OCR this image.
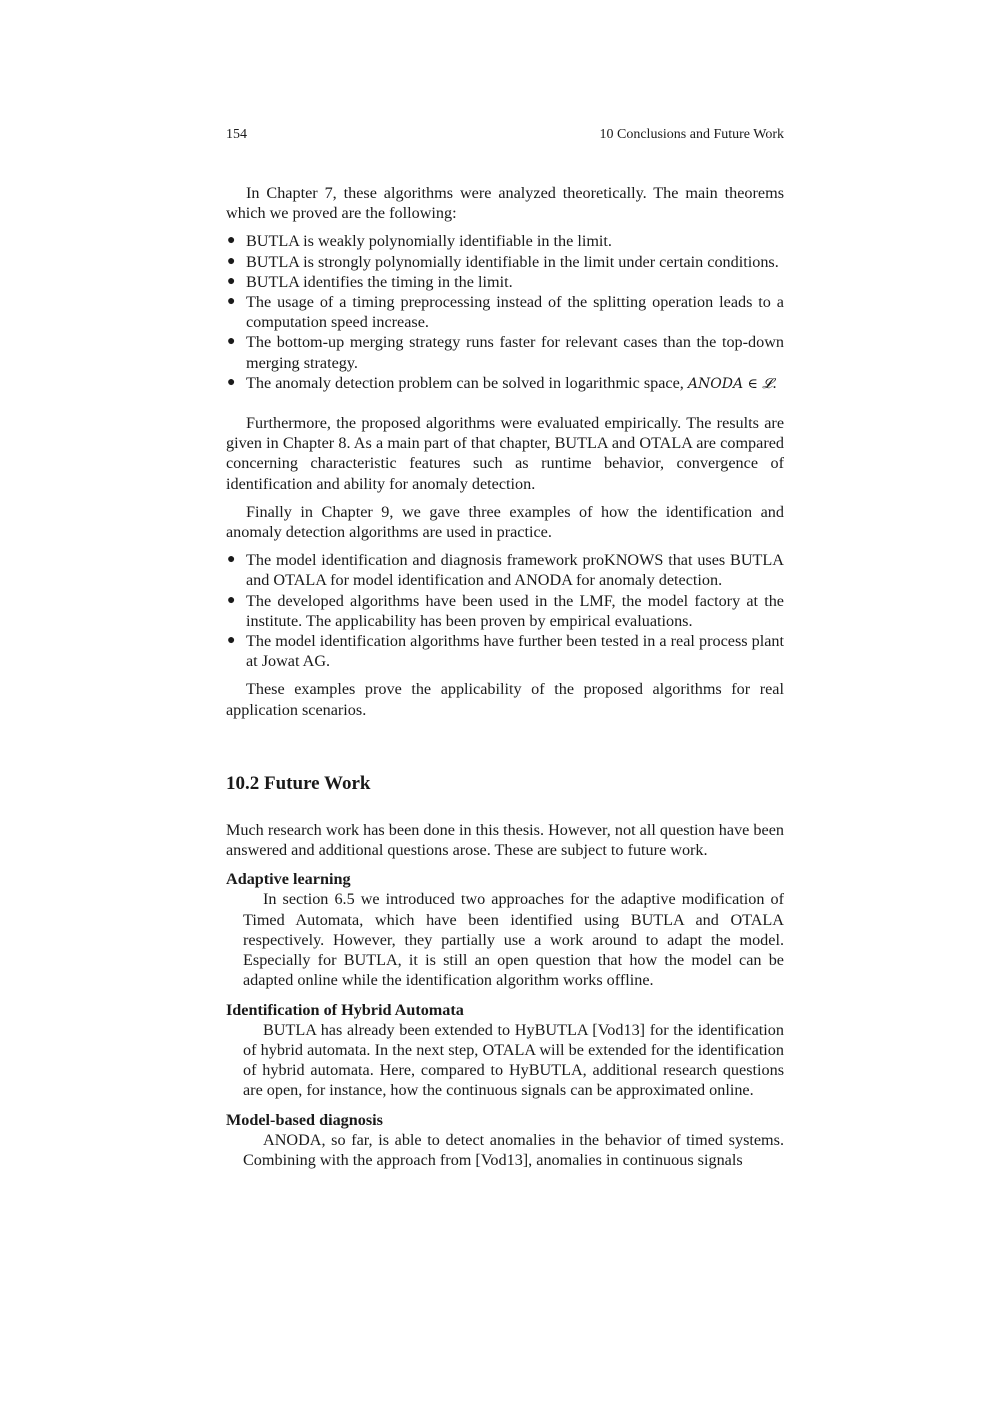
154	10 Conclusions and Future Work

In Chapter 7, these algorithms were analyzed theoretically. The main theorems which we proved are the following:

● BUTLA is weakly polynomially identifiable in the limit.
● BUTLA is strongly polynomially identifiable in the limit under certain conditions.
● BUTLA identifies the timing in the limit.
● The usage of a timing preprocessing instead of the splitting operation leads to a computation speed increase.
● The bottom-up merging strategy runs faster for relevant cases than the top-down merging strategy.
● The anomaly detection problem can be solved in logarithmic space, ANODA ∈ 𝓛.

Furthermore, the proposed algorithms were evaluated empirically. The results are given in Chapter 8. As a main part of that chapter, BUTLA and OTALA are compared concerning characteristic features such as runtime behavior, convergence of identification and ability for anomaly detection.

Finally in Chapter 9, we gave three examples of how the identification and anomaly detection algorithms are used in practice.

● The model identification and diagnosis framework proKNOWS that uses BUTLA and OTALA for model identification and ANODA for anomaly detection.
● The developed algorithms have been used in the LMF, the model factory at the institute. The applicability has been proven by empirical evaluations.
● The model identification algorithms have further been tested in a real process plant at Jowat AG.

These examples prove the applicability of the proposed algorithms for real application scenarios.

10.2 Future Work

Much research work has been done in this thesis. However, not all question have been answered and additional questions arose. These are subject to future work.

Adaptive learning

In section 6.5 we introduced two approaches for the adaptive modification of Timed Automata, which have been identified using BUTLA and OTALA respectively. However, they partially use a work around to adapt the model. Especially for BUTLA, it is still an open question that how the model can be adapted online while the identification algorithm works offline.

Identification of Hybrid Automata

BUTLA has already been extended to HyBUTLA [Vod13] for the identification of hybrid automata. In the next step, OTALA will be extended for the identification of hybrid automata. Here, compared to HyBUTLA, additional research questions are open, for instance, how the continuous signals can be approximated online.

Model-based diagnosis

ANODA, so far, is able to detect anomalies in the behavior of timed systems. Combining with the approach from [Vod13], anomalies in continuous signals
